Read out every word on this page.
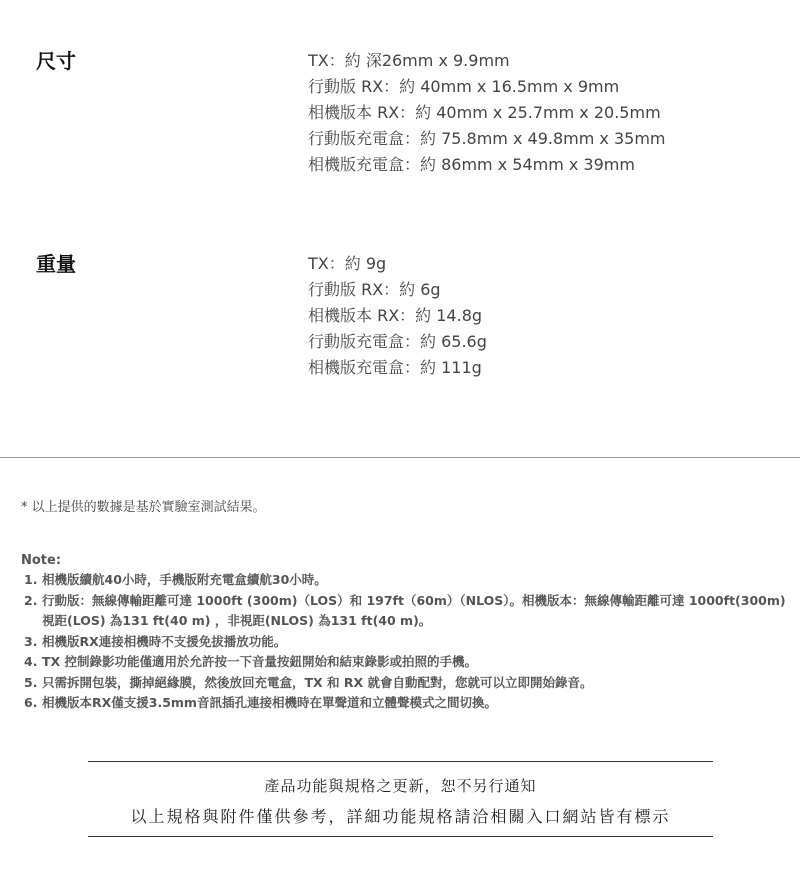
尺寸	TX：約 深26mm x 9.9mm
行動版 RX：約 40mm x 16.5mm x 9mm
相機版本 RX：約 40mm x 25.7mm x 20.5mm
行動版充電盒：約 75.8mm x 49.8mm x 35mm
相機版充電盒：約 86mm x 54mm x 39mm
重量	TX：約 9g
行動版 RX：約 6g
相機版本 RX：約 14.8g
行動版充電盒：約 65.6g
相機版充電盒：約 111g

* 以上提供的數據是基於實驗室測試結果。

Note:
1. 相機版續航40小時，手機版附充電盒續航30小時。
2. 行動版：無線傳輸距離可達 1000ft (300m)（LOS）和 197ft（60m）（NLOS）。相機版本：無線傳輸距離可達 1000ft(300m) 視距(LOS) 為131 ft(40 m) ，非視距(NLOS) 為131 ft(40 m)。
3. 相機版RX連接相機時不支援免拔播放功能。
4. TX 控制錄影功能僅適用於允許按一下音量按鈕開始和結束錄影或拍照的手機。
5. 只需拆開包裝，撕掉絕緣膜，然後放回充電盒，TX 和 RX 就會自動配對，您就可以立即開始錄音。
6. 相機版本RX僅支援3.5mm音訊插孔連接相機時在單聲道和立體聲模式之間切換。

產品功能與規格之更新，恕不另行通知

以上規格與附件僅供參考，詳細功能規格請洽相關入口網站皆有標示
